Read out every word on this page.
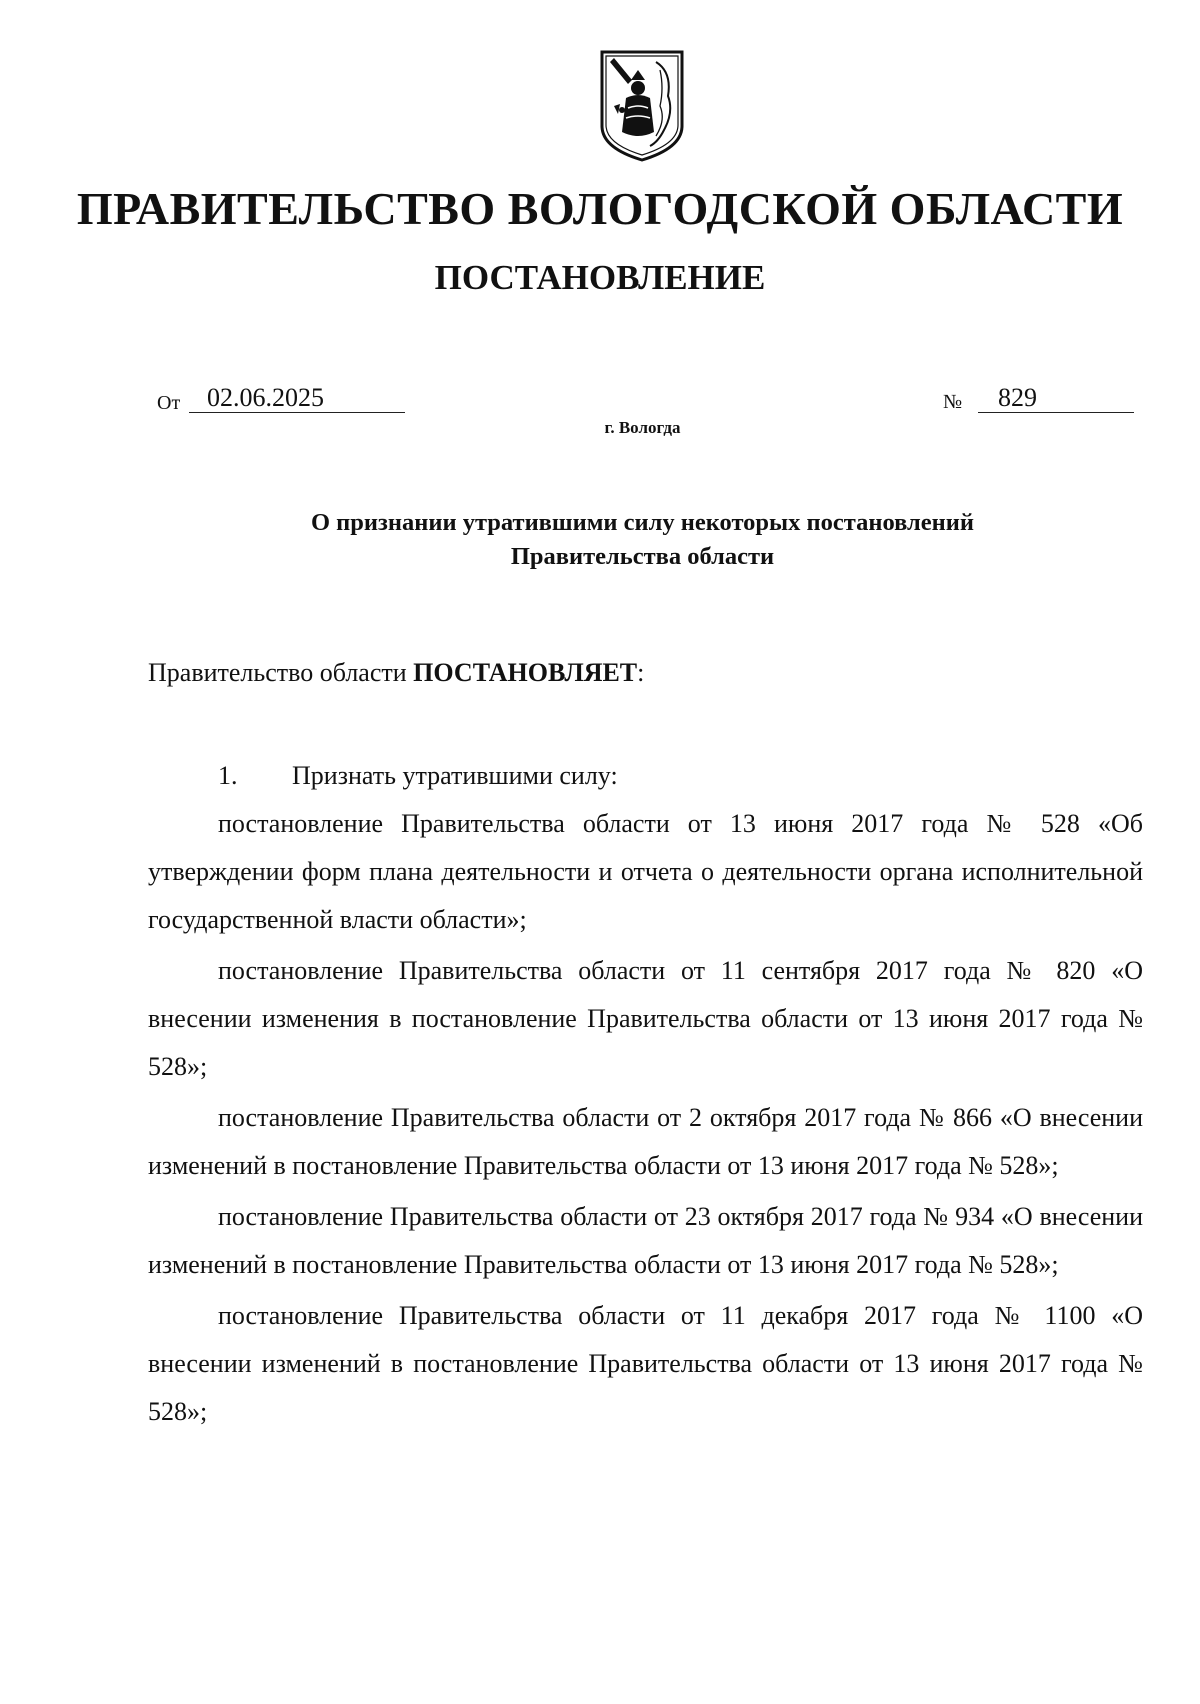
ПРАВИТЕЛЬСТВО ВОЛОГОДСКОЙ ОБЛАСТИ
ПОСТАНОВЛЕНИЕ
От	02.06.2025	№	829
г. Вологда
О признании утратившими силу некоторых постановлений
Правительства области
Правительство области ПОСТАНОВЛЯЕТ:

1. Признать утратившими силу:

постановление Правительства области от 13 июня 2017 года № 528 «Об утверждении форм плана деятельности и отчета о деятельности органа исполнительной государственной власти области»;

постановление Правительства области от 11 сентября 2017 года № 820 «О внесении изменения в постановление Правительства области от 13 июня 2017 года № 528»;

постановление Правительства области от 2 октября 2017 года № 866 «О внесении изменений в постановление Правительства области от 13 июня 2017 года № 528»;

постановление Правительства области от 23 октября 2017 года № 934 «О внесении изменений в постановление Правительства области от 13 июня 2017 года № 528»;

постановление Правительства области от 11 декабря 2017 года № 1100 «О внесении изменений в постановление Правительства области от 13 июня 2017 года № 528»;
